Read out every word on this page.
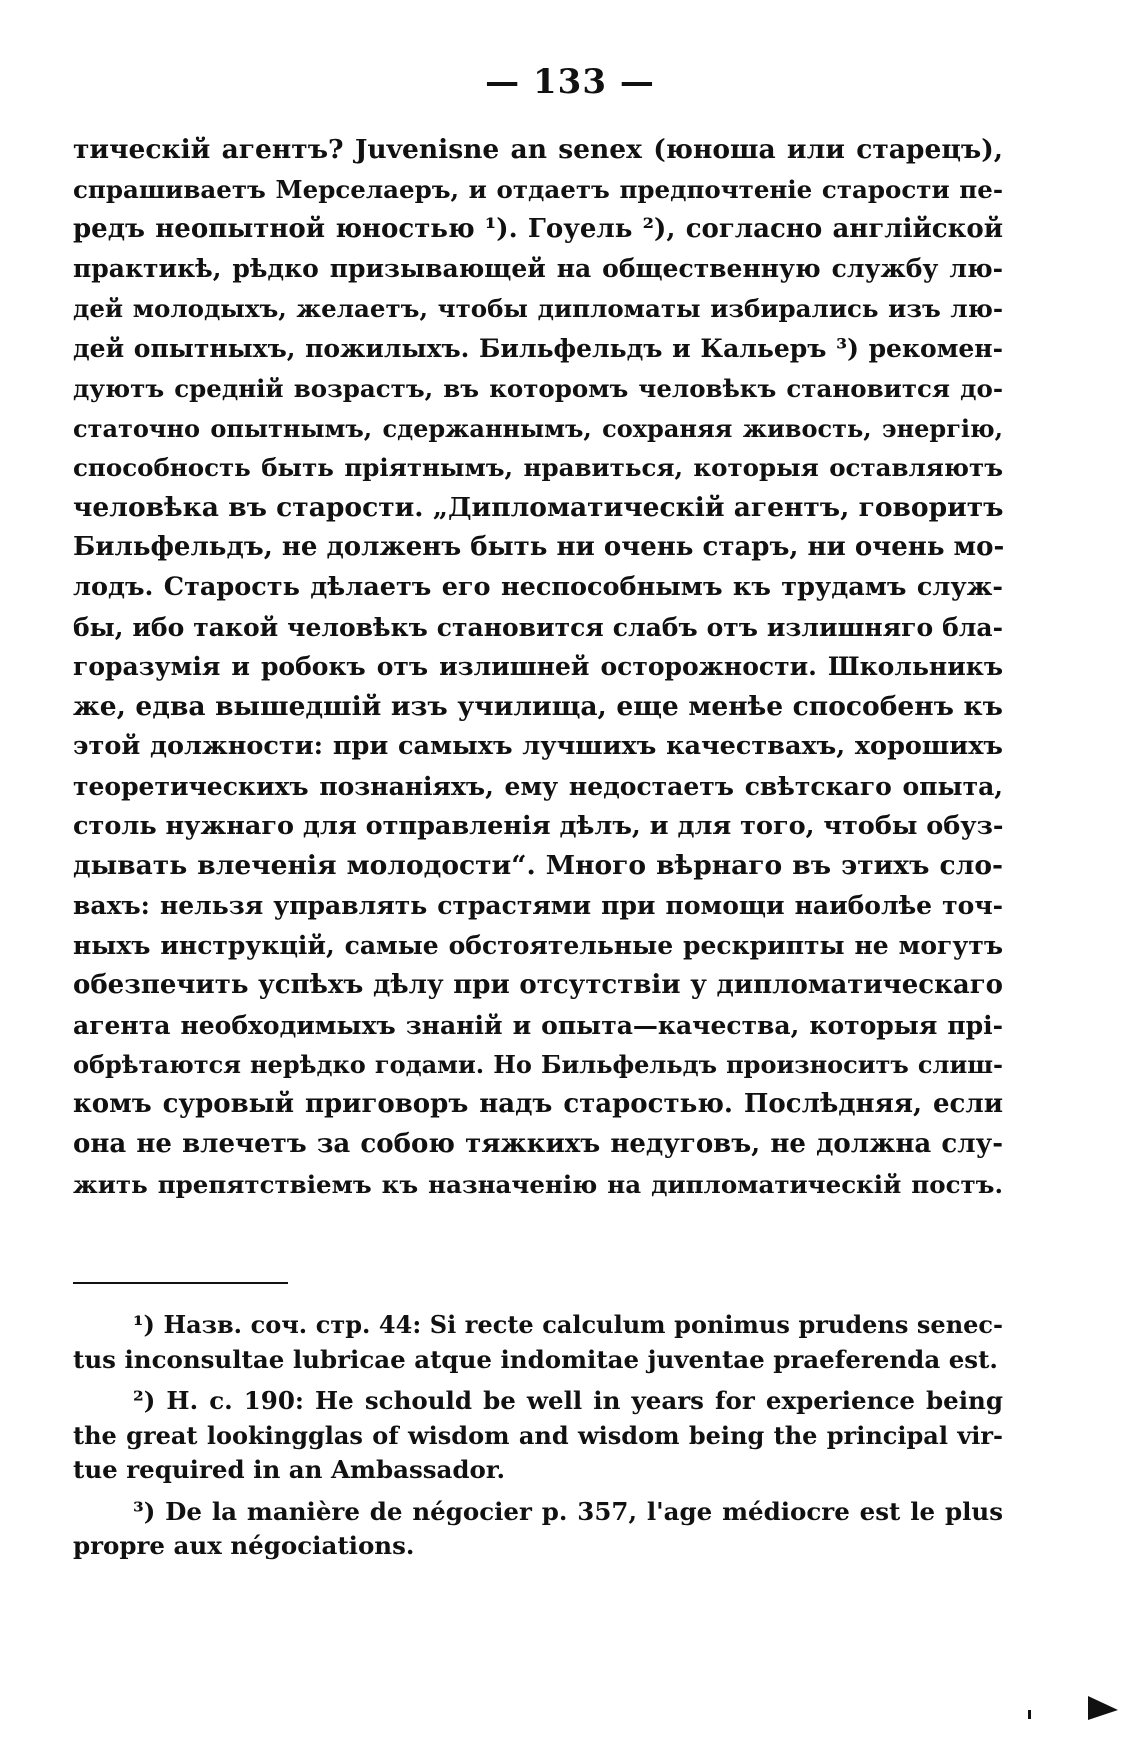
— 133 —
тическій агентъ? Juvenisne an senex (юноша или старецъ),
спрашиваетъ Мерселаеръ, и отдаетъ предпочтеніе старости пе-
редъ неопытной юностью ¹). Гоуель ²), согласно англійской
практикѣ, рѣдко призывающей на общественную службу лю-
дей молодыхъ, желаетъ, чтобы дипломаты избирались изъ лю-
дей опытныхъ, пожилыхъ. Бильфельдъ и Кальеръ ³) рекомен-
дуютъ средній возрастъ, въ которомъ человѣкъ становится до-
статочно опытнымъ, сдержаннымъ, сохраняя живость, энергію,
способность быть пріятнымъ, нравиться, которыя оставляютъ
человѣка въ старости. „Дипломатическій агентъ, говоритъ
Бильфельдъ, не долженъ быть ни очень старъ, ни очень мо-
лодъ. Старость дѣлаетъ его неспособнымъ къ трудамъ служ-
бы, ибо такой человѣкъ становится слабъ отъ излишняго бла-
горазумія и робокъ отъ излишней осторожности. Школьникъ
же, едва вышедшій изъ училища, еще менѣе способенъ къ
этой должности: при самыхъ лучшихъ качествахъ, хорошихъ
теоретическихъ познаніяхъ, ему недостаетъ свѣтскаго опыта,
столь нужнаго для отправленія дѣлъ, и для того, чтобы обуз-
дывать влеченія молодости“. Много вѣрнаго въ этихъ сло-
вахъ: нельзя управлять страстями при помощи наиболѣе точ-
ныхъ инструкцій, самые обстоятельные рескрипты не могутъ
обезпечить успѣхъ дѣлу при отсутствіи у дипломатическаго
агента необходимыхъ знаній и опыта—качества, которыя прі-
обрѣтаются нерѣдко годами. Но Бильфельдъ произноситъ слиш-
комъ суровый приговоръ надъ старостью. Послѣдняя, если
она не влечетъ за собою тяжкихъ недуговъ, не должна слу-
жить препятствіемъ къ назначенію на дипломатическій постъ.
¹) Назв. соч. стр. 44: Si recte calculum ponimus prudens senec-
tus inconsultae lubricae atque indomitae juventae praeferenda est.
²) Н. с. 190: He schould be well in years for experience being
the great lookingglas of wisdom and wisdom being the principal vir-
tue required in an Ambassador.
³) De la manière de négocier p. 357, l'age médiocre est le plus
propre aux négociations.
